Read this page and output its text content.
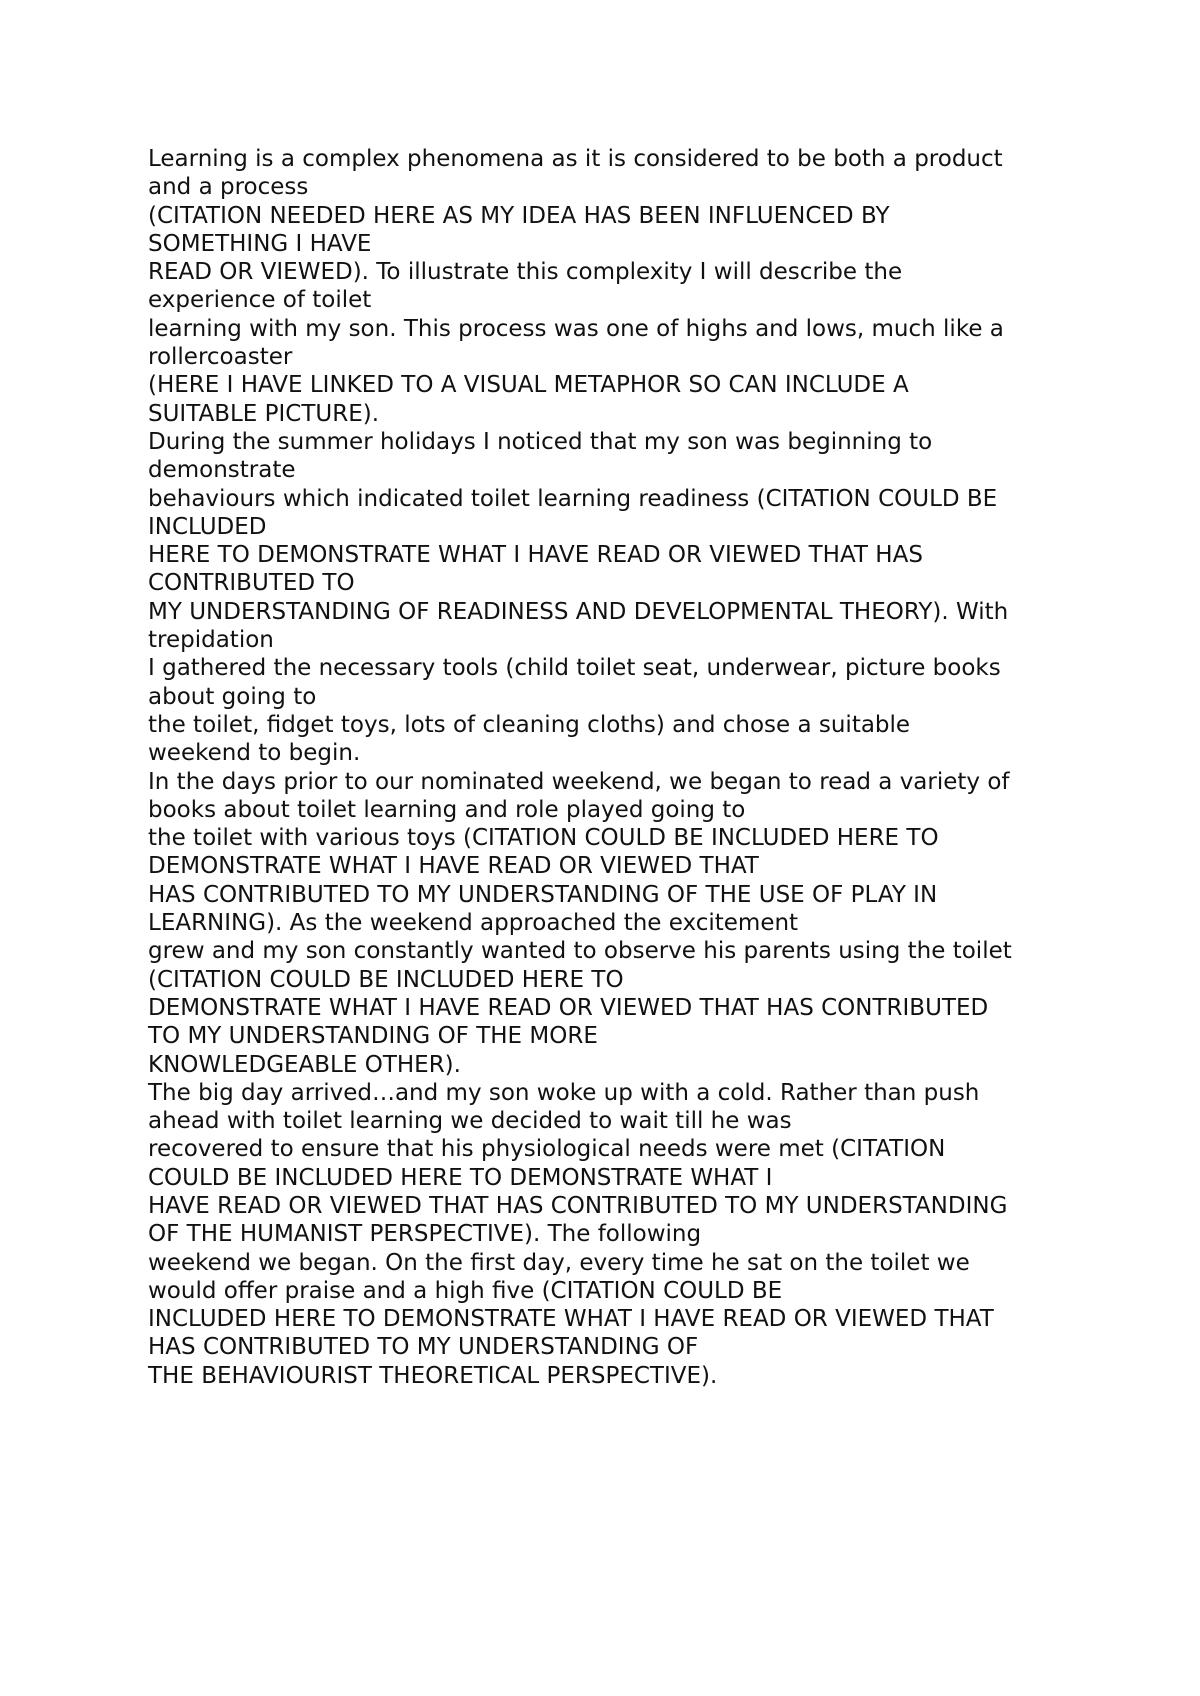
Learning is a complex phenomena as it is considered to be both a product
and a process
(CITATION NEEDED HERE AS MY IDEA HAS BEEN INFLUENCED BY
SOMETHING I HAVE
READ OR VIEWED). To illustrate this complexity I will describe the
experience of toilet
learning with my son. This process was one of highs and lows, much like a
rollercoaster
(HERE I HAVE LINKED TO A VISUAL METAPHOR SO CAN INCLUDE A
SUITABLE PICTURE).
During the summer holidays I noticed that my son was beginning to
demonstrate
behaviours which indicated toilet learning readiness (CITATION COULD BE
INCLUDED
HERE TO DEMONSTRATE WHAT I HAVE READ OR VIEWED THAT HAS
CONTRIBUTED TO
MY UNDERSTANDING OF READINESS AND DEVELOPMENTAL THEORY). With
trepidation
I gathered the necessary tools (child toilet seat, underwear, picture books
about going to
the toilet, fidget toys, lots of cleaning cloths) and chose a suitable
weekend to begin.
In the days prior to our nominated weekend, we began to read a variety of
books about toilet learning and role played going to
the toilet with various toys (CITATION COULD BE INCLUDED HERE TO
DEMONSTRATE WHAT I HAVE READ OR VIEWED THAT
HAS CONTRIBUTED TO MY UNDERSTANDING OF THE USE OF PLAY IN
LEARNING). As the weekend approached the excitement
grew and my son constantly wanted to observe his parents using the toilet
(CITATION COULD BE INCLUDED HERE TO
DEMONSTRATE WHAT I HAVE READ OR VIEWED THAT HAS CONTRIBUTED
TO MY UNDERSTANDING OF THE MORE
KNOWLEDGEABLE OTHER).
The big day arrived…and my son woke up with a cold. Rather than push
ahead with toilet learning we decided to wait till he was
recovered to ensure that his physiological needs were met (CITATION
COULD BE INCLUDED HERE TO DEMONSTRATE WHAT I
HAVE READ OR VIEWED THAT HAS CONTRIBUTED TO MY UNDERSTANDING
OF THE HUMANIST PERSPECTIVE). The following
weekend we began. On the first day, every time he sat on the toilet we
would offer praise and a high five (CITATION COULD BE
INCLUDED HERE TO DEMONSTRATE WHAT I HAVE READ OR VIEWED THAT
HAS CONTRIBUTED TO MY UNDERSTANDING OF
THE BEHAVIOURIST THEORETICAL PERSPECTIVE).
